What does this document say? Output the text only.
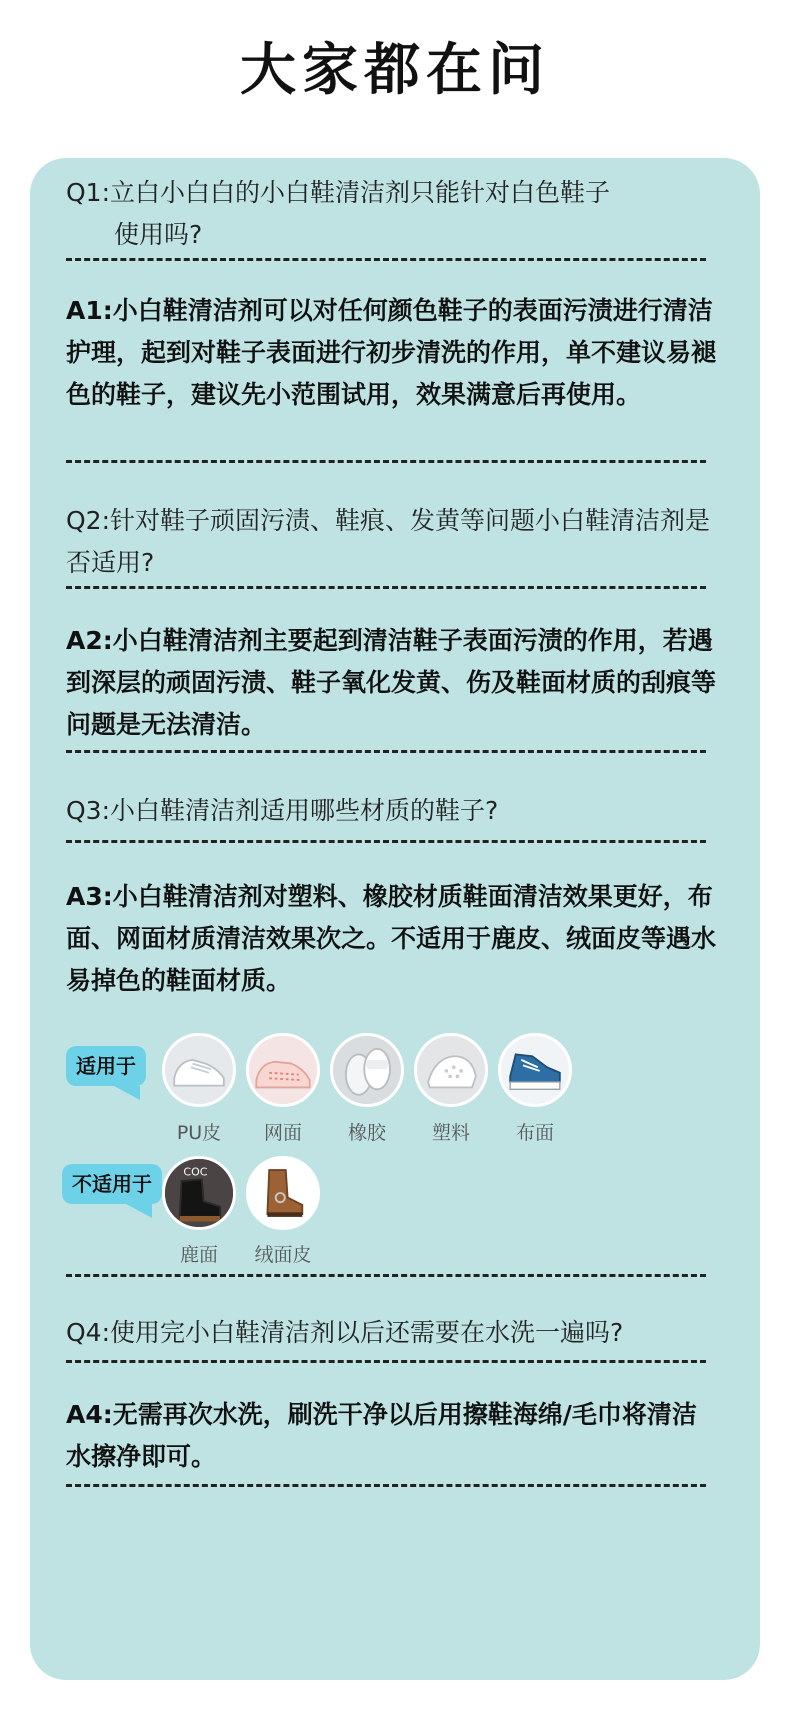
大家都在问
Q1:立白小白白的小白鞋清洁剂只能针对白色鞋子
使用吗?
A1:小白鞋清洁剂可以对任何颜色鞋子的表面污渍进行清洁护理，起到对鞋子表面进行初步清洗的作用，单不建议易褪色的鞋子，建议先小范围试用，效果满意后再使用。
Q2:针对鞋子顽固污渍、鞋痕、发黄等问题小白鞋清洁剂是否适用?
A2:小白鞋清洁剂主要起到清洁鞋子表面污渍的作用，若遇到深层的顽固污渍、鞋子氧化发黄、伤及鞋面材质的刮痕等问题是无法清洁。
Q3:小白鞋清洁剂适用哪些材质的鞋子?
A3:小白鞋清洁剂对塑料、橡胶材质鞋面清洁效果更好，布面、网面材质清洁效果次之。不适用于鹿皮、绒面皮等遇水易掉色的鞋面材质。
适用于
PU皮	网面	橡胶	塑料	布面
不适用于	COC
鹿面	绒面皮
Q4:使用完小白鞋清洁剂以后还需要在水洗一遍吗?
A4:无需再次水洗，刷洗干净以后用擦鞋海绵/毛巾将清洁水擦净即可。
